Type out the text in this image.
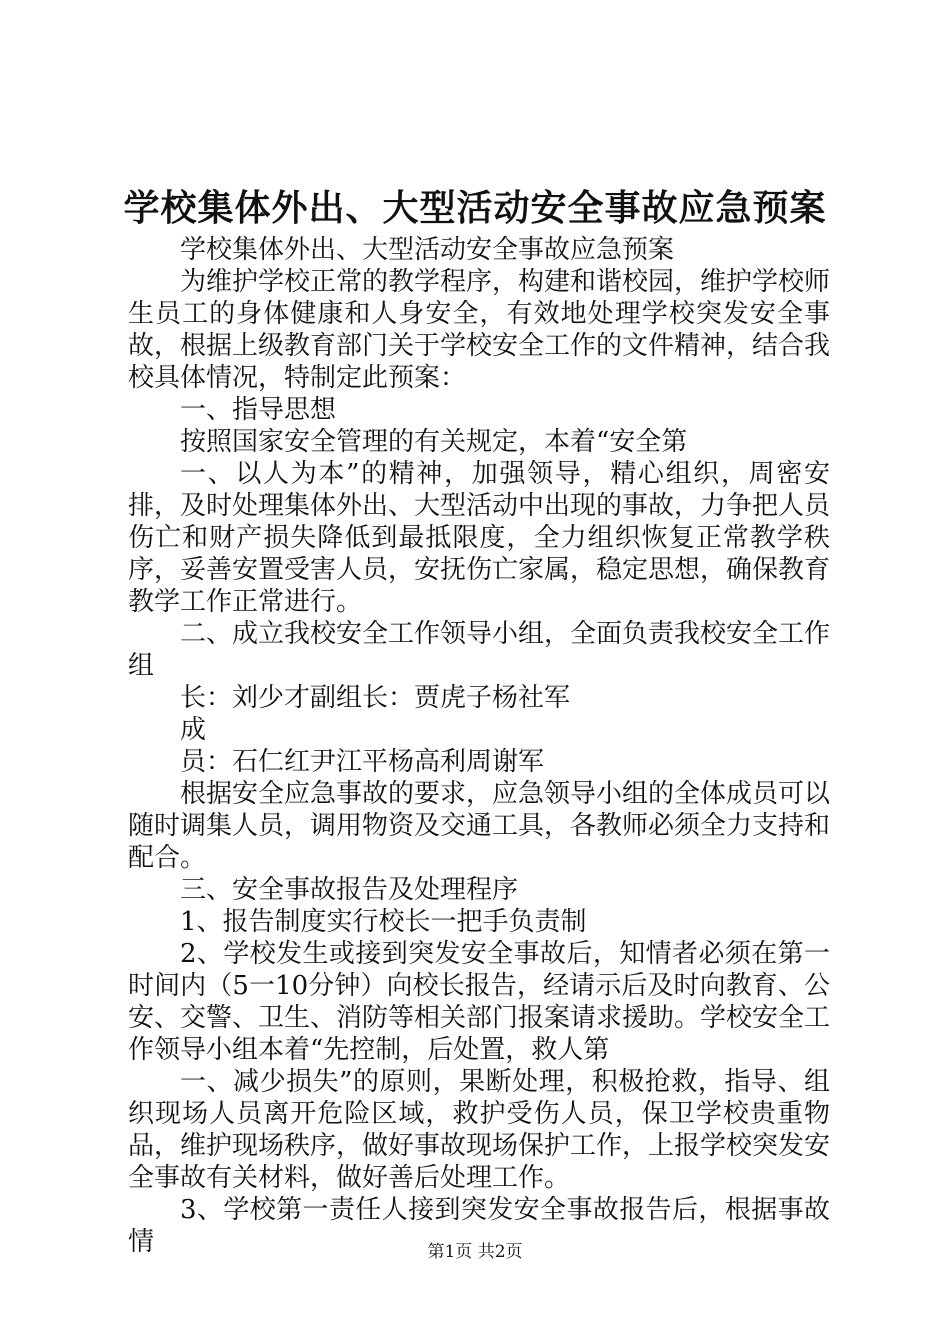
学校集体外出、大型活动安全事故应急预案

学校集体外出、大型活动安全事故应急预案

为维护学校正常的教学程序，构建和谐校园，维护学校师生员工的身体健康和人身安全，有效地处理学校突发安全事故，根据上级教育部门关于学校安全工作的文件精神，结合我校具体情况，特制定此预案：

一、指导思想

按照国家安全管理的有关规定，本着“安全第

一、以人为本”的精神，加强领导，精心组织，周密安排，及时处理集体外出、大型活动中出现的事故，力争把人员伤亡和财产损失降低到最抵限度，全力组织恢复正常教学秩序，妥善安置受害人员，安抚伤亡家属，稳定思想，确保教育教学工作正常进行。

二、成立我校安全工作领导小组，全面负责我校安全工作组

长：刘少才副组长：贾虎子杨社军

成

员：石仁红尹江平杨高利周谢军

根据安全应急事故的要求，应急领导小组的全体成员可以随时调集人员，调用物资及交通工具，各教师必须全力支持和配合。

三、安全事故报告及处理程序

1、报告制度实行校长一把手负责制

2、学校发生或接到突发安全事故后，知情者必须在第一时间内（5一10分钟）向校长报告，经请示后及时向教育、公安、交警、卫生、消防等相关部门报案请求援助。学校安全工作领导小组本着“先控制，后处置，救人第

一、减少损失”的原则，果断处理，积极抢救，指导、组织现场人员离开危险区域，救护受伤人员，保卫学校贵重物品，维护现场秩序，做好事故现场保护工作，上报学校突发安全事故有关材料，做好善后处理工作。

3、学校第一责任人接到突发安全事故报告后，根据事故情	第1页 共2页
